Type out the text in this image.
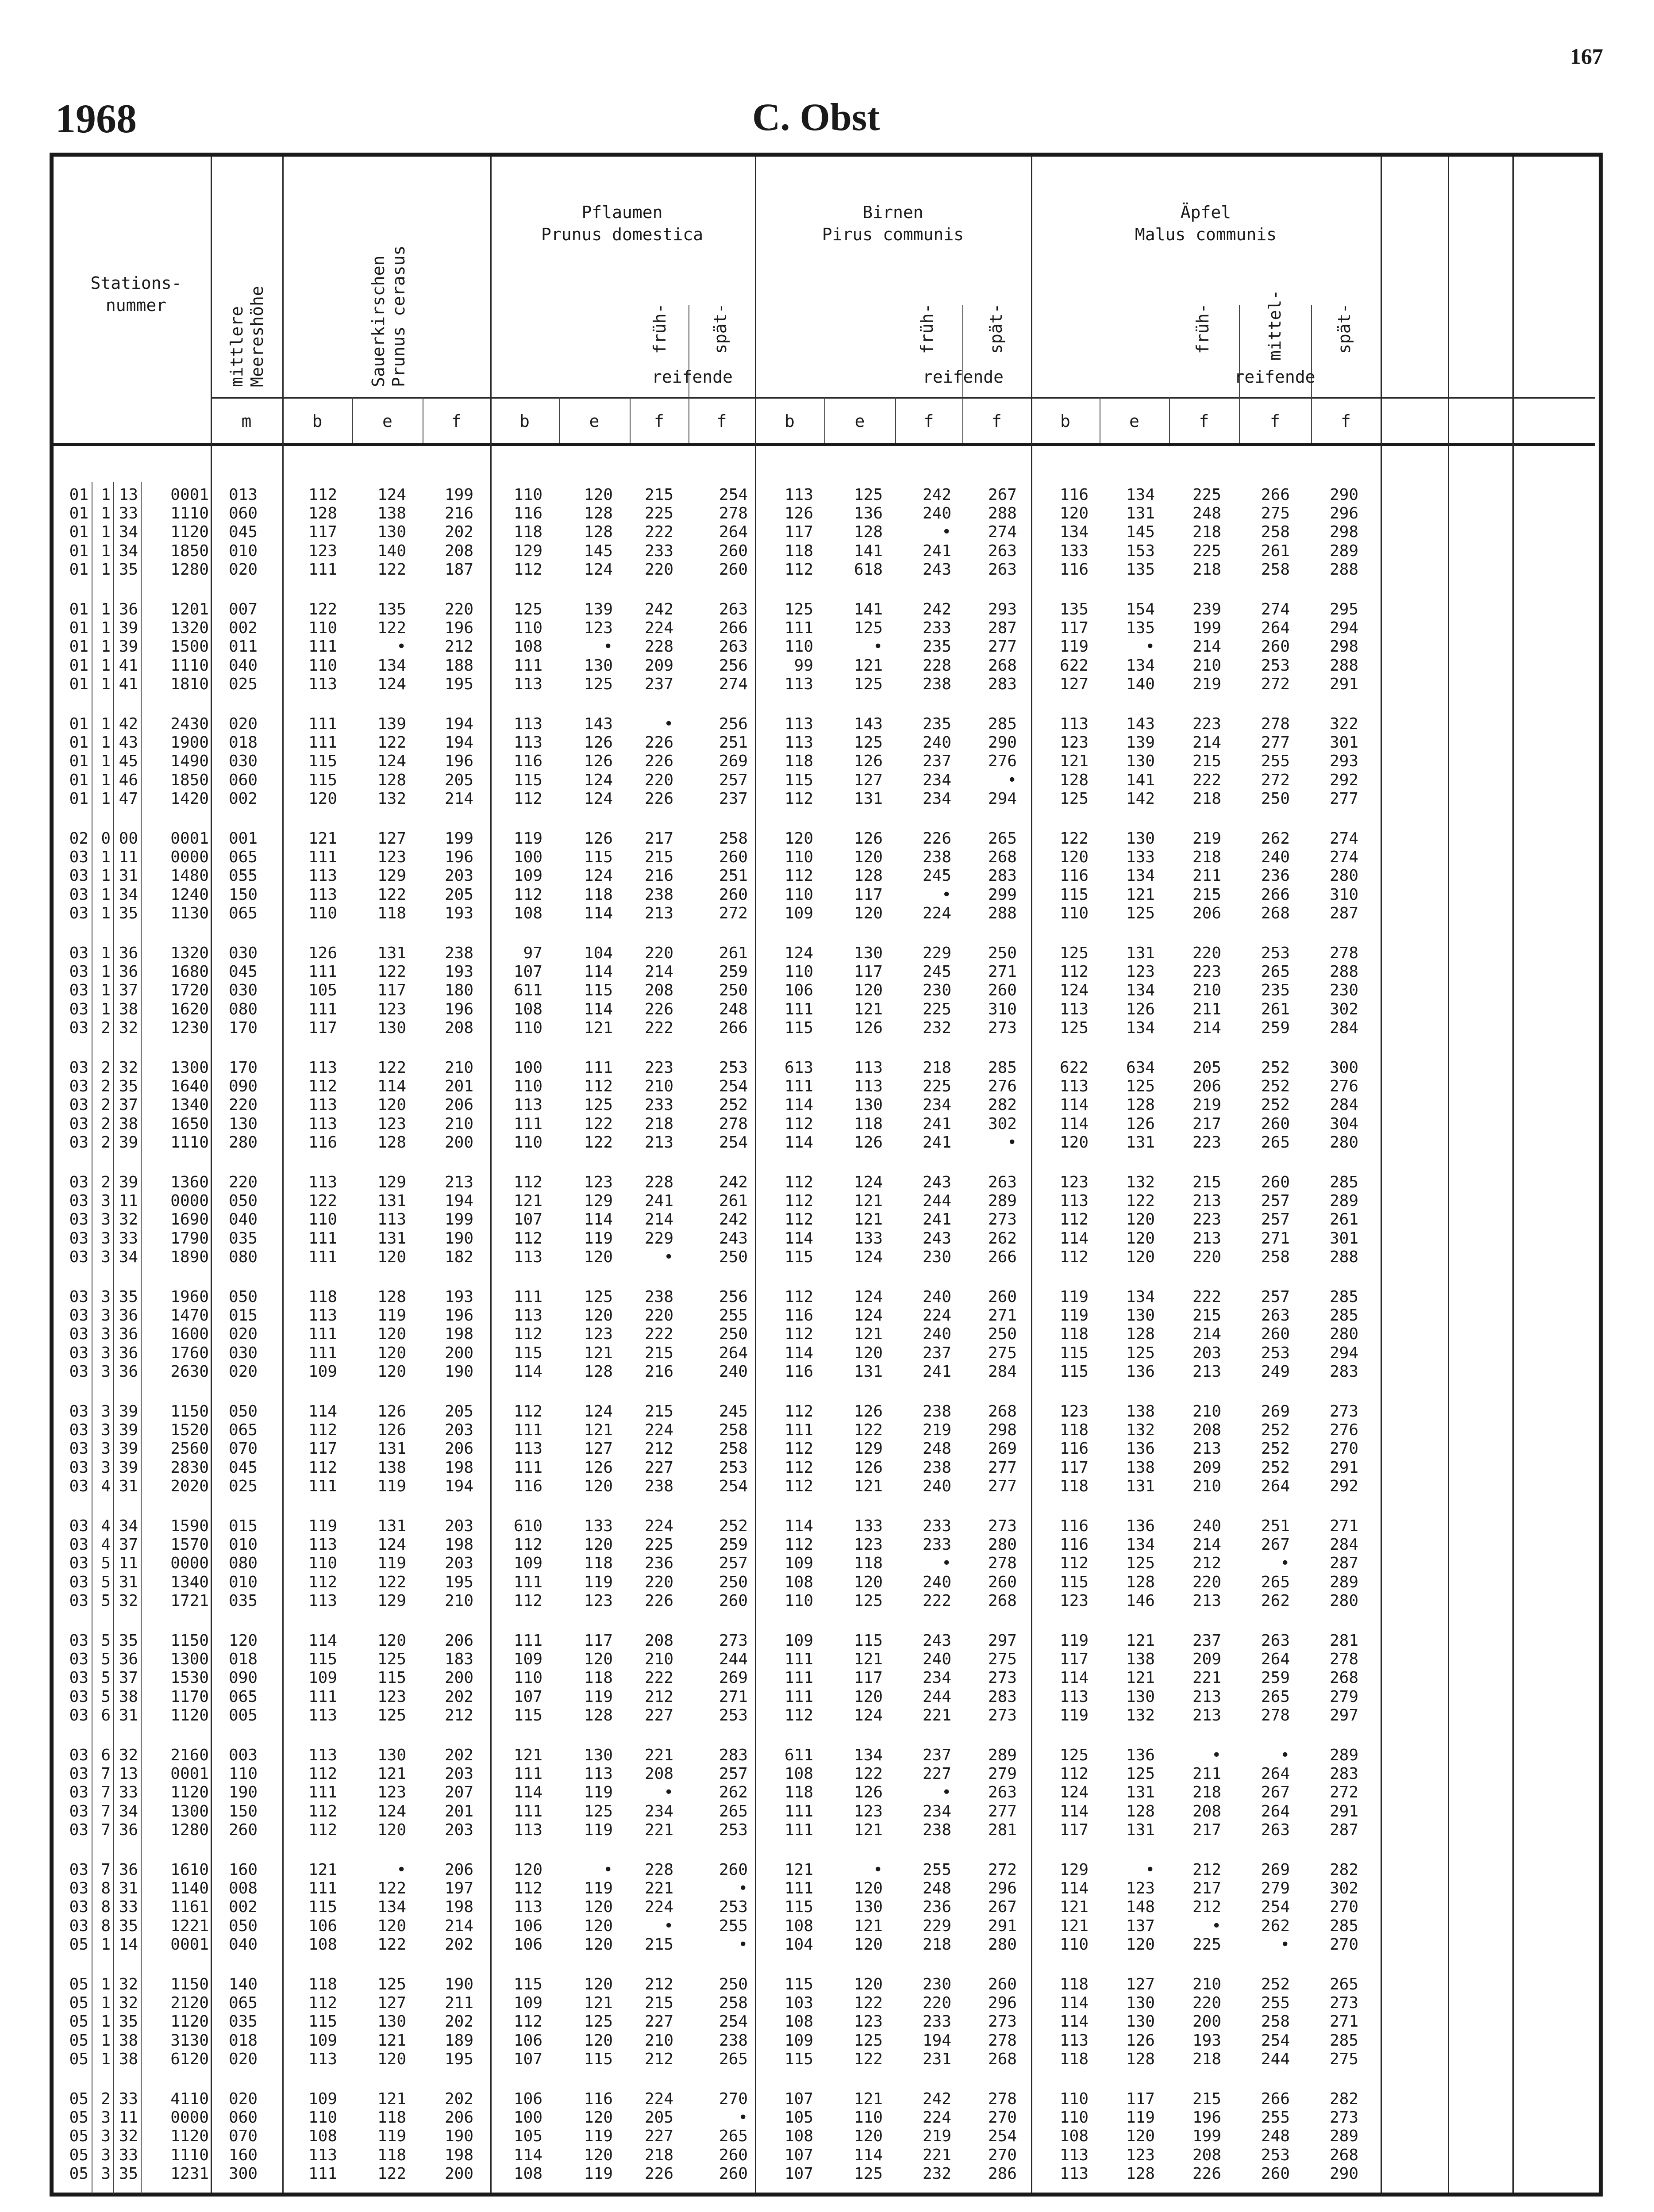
167
1968	C. Obst
Stations-
nummer
Pflaumen
Prunus domestica
Birnen
Pirus communis
Äpfel
Malus communis
mittlere
Meereshöhe	Sauerkirschen
Prunus cerasus
früh- spät-	früh-	spät-	früh-	mittel-	spät-
reifende	reifende	reifende
m	b	e	f	b	e	f	f	b	e	f	f	b	e	f	f	f
01 1 13 0001 013	112	124 199	110	120 215	254 113	125 242 267	116 134 225 266 290
01 1 33 1110 060	128	138 216	116	128 225	278 126	136 240 288	120 131 248 275 296
01 1 34 1120 045	117	130 202	118	128 222	264 117	128	• 274	134 145 218 258 298
01 1 34 1850 010	123	140 208	129	145 233	260 118	141 241 263	133 153 225 261 289
01 1 35 1280 020	111	122 187	112	124 220	260 112	618 243 263	116 135 218 258 288
01 1 36 1201 007	122	135 220	125	139 242	263 125	141 242 293	135 154 239 274 295
01 1 39 1320 002	110	122 196	110	123 224	266 111	125 233 287	117 135 199 264 294
01 1 39 1500 011	111	• 212	108	• 228	263 110	• 235 277	119	• 214 260 298
01 1 41 1110 040	110	134 188	111	130 209	256	99	121 228 268	622 134 210 253 288
01 1 41 1810 025	113	124 195	113	125 237	274 113	125 238 283	127 140 219 272 291
01 1 42 2430 020	111	139 194	113	143	•	256 113	143 235 285	113 143 223 278 322
01 1 43 1900 018	111	122 194	113	126 226	251 113	125 240 290	123 139 214 277 301
01 1 45 1490 030	115	124 196	116	126 226	269 118	126 237 276	121 130 215 255 293
01 1 46 1850 060	115	128 205	115	124 220	257 115	127 234	•	128 141 222 272 292
01 1 47 1420 002	120	132 214	112	124 226	237 112	131 234 294	125 142 218 250 277
02 0 00 0001 001	121	127 199	119	126 217	258 120	126 226 265	122 130 219 262 274
03 1 11 0000 065	111	123 196	100	115 215	260 110	120 238 268	120 133 218 240 274
03 1 31 1480 055	113	129 203	109	124 216	251 112	128 245 283	116 134 211 236 280
03 1 34 1240 150	113	122 205	112	118 238	260 110	117	• 299	115 121 215 266 310
03 1 35 1130 065	110	118 193	108	114 213	272 109	120 224 288	110 125 206 268 287
03 1 36 1320 030	126	131 238	97	104 220	261 124	130 229 250	125 131 220 253 278
03 1 36 1680 045	111	122 193	107	114 214	259 110	117 245 271	112 123 223 265 288
03 1 37 1720 030	105	117 180	611	115 208	250 106	120 230 260	124 134 210 235 230
03 1 38 1620 080	111	123 196	108	114 226	248 111	121 225 310	113 126 211 261 302
03 2 32 1230 170	117	130 208	110	121 222	266 115	126 232 273	125 134 214 259 284
03 2 32 1300 170	113	122 210	100	111 223	253 613	113 218 285	622 634 205 252 300
03 2 35 1640 090	112	114 201	110	112 210	254 111	113 225 276	113 125 206 252 276
03 2 37 1340 220	113	120 206	113	125 233	252 114	130 234 282	114 128 219 252 284
03 2 38 1650 130	113	123 210	111	122 218	278 112	118 241 302	114 126 217 260 304
03 2 39 1110 280	116	128 200	110	122 213	254 114	126 241	•	120 131 223 265 280
03 2 39 1360 220	113	129 213	112	123 228	242 112	124 243 263	123 132 215 260 285
03 3 11 0000 050	122	131 194	121	129 241	261 112	121 244 289	113 122 213 257 289
03 3 32 1690 040	110	113 199	107	114 214	242 112	121 241 273	112 120 223 257 261
03 3 33 1790 035	111	131 190	112	119 229	243 114	133 243 262	114 120 213 271 301
03 3 34 1890 080	111	120 182	113	120	•	250 115	124 230 266	112 120 220 258 288
03 3 35 1960 050	118	128 193	111	125 238	256 112	124 240 260	119 134 222 257 285
03 3 36 1470 015	113	119 196	113	120 220	255 116	124 224 271	119 130 215 263 285
03 3 36 1600 020	111	120 198	112	123 222	250 112	121 240 250	118 128 214 260 280
03 3 36 1760 030	111	120 200	115	121 215	264 114	120 237 275	115 125 203 253 294
03 3 36 2630 020	109	120 190	114	128 216	240 116	131 241 284	115 136 213 249 283
03 3 39 1150 050	114	126 205	112	124 215	245 112	126 238 268	123 138 210 269 273
03 3 39 1520 065	112	126 203	111	121 224	258 111	122 219 298	118 132 208 252 276
03 3 39 2560 070	117	131 206	113	127 212	258 112	129 248 269	116 136 213 252 270
03 3 39 2830 045	112	138 198	111	126 227	253 112	126 238 277	117 138 209 252 291
03 4 31 2020 025	111	119 194	116	120 238	254 112	121 240 277	118 131 210 264 292
03 4 34 1590 015	119	131 203	610	133 224	252 114	133 233 273	116 136 240 251 271
03 4 37 1570 010	113	124 198	112	120 225	259 112	123 233 280	116 134 214 267 284
03 5 11 0000 080	110	119 203	109	118 236	257 109	118	• 278	112 125 212	• 287
03 5 31 1340 010	112	122 195	111	119 220	250 108	120 240 260	115 128 220 265 289
03 5 32 1721 035	113	129 210	112	123 226	260 110	125 222 268	123 146 213 262 280
03 5 35 1150 120	114	120 206	111	117 208	273 109	115 243 297	119 121 237 263 281
03 5 36 1300 018	115	125 183	109	120 210	244 111	121 240 275	117 138 209 264 278
03 5 37 1530 090	109	115 200	110	118 222	269 111	117 234 273	114 121 221 259 268
03 5 38 1170 065	111	123 202	107	119 212	271 111	120 244 283	113 130 213 265 279
03 6 31 1120 005	113	125 212	115	128 227	253 112	124 221 273	119 132 213 278 297
03 6 32 2160 003	113	130 202	121	130 221	283 611	134 237 289	125 136	•	• 289
03 7 13 0001 110	112	121 203	111	113 208	257 108	122 227 279	112 125 211 264 283
03 7 33 1120 190	111	123 207	114	119	•	262 118	126	• 263	124 131 218 267 272
03 7 34 1300 150	112	124 201	111	125 234	265 111	123 234 277	114 128 208 264 291
03 7 36 1280 260	112	120 203	113	119 221	253 111	121 238 281	117 131 217 263 287
03 7 36 1610 160	121	• 206	120	• 228	260 121	• 255 272	129	• 212 269 282
03 8 31 1140 008	111	122 197	112	119 221	• 111	120 248 296	114 123 217 279 302
03 8 33 1161 002	115	134 198	113	120 224	253 115	130 236 267	121 148 212 254 270
03 8 35 1221 050	106	120 214	106	120	•	255 108	121 229 291	121 137	• 262 285
05 1 14 0001 040	108	122 202	106	120 215	• 104	120 218 280	110 120 225	• 270
05 1 32 1150 140	118	125 190	115	120 212	250 115	120 230 260	118 127 210 252 265
05 1 32 2120 065	112	127 211	109	121 215	258 103	122 220 296	114 130 220 255 273
05 1 35 1120 035	115	130 202	112	125 227	254 108	123 233 273	114 130 200 258 271
05 1 38 3130 018	109	121 189	106	120 210	238 109	125 194 278	113 126 193 254 285
05 1 38 6120 020	113	120 195	107	115 212	265 115	122 231 268	118 128 218 244 275
05 2 33 4110 020	109	121 202	106	116 224	270 107	121 242 278	110 117 215 266 282
05 3 11 0000 060	110	118 206	100	120 205	• 105	110 224 270	110 119 196 255 273
05 3 32 1120 070	108	119 190	105	119 227	265 108	120 219 254	108 120 199 248 289
05 3 33 1110 160	113	118 198	114	120 218	260 107	114 221 270	113 123 208 253 268
05 3 35 1231 300	111	122 200	108	119 226	260 107	125 232 286	113 128 226 260 290
